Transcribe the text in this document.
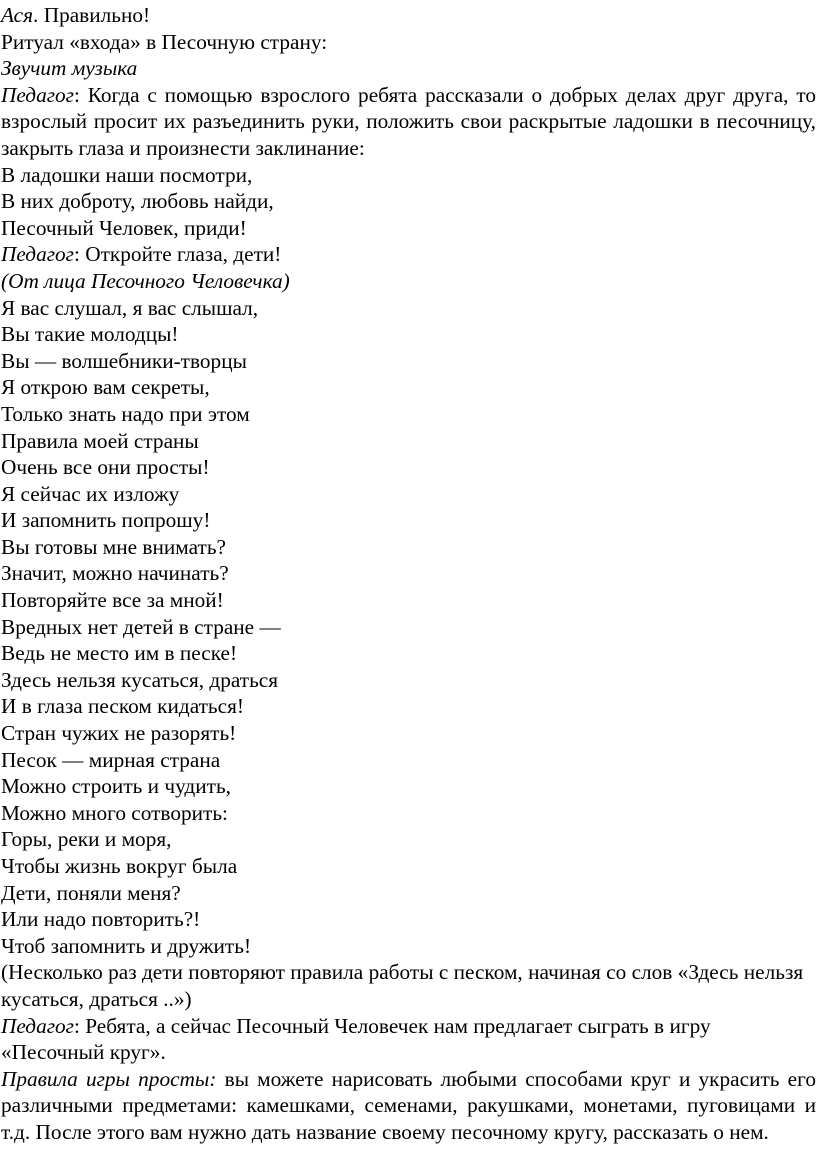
Ася. Правильно!

Ритуал «входа» в Песочную страну:

Звучит музыка

Педагог: Когда с помощью взрослого ребята рассказали о добрых делах друг друга, то взрослый просит их разъединить руки, положить свои раскрытые ладошки в песочницу, закрыть глаза и произнести заклинание:

В ладошки наши посмотри,

В них доброту, любовь найди,

Песочный Человек, приди!

Педагог: Откройте глаза, дети!

(От лица Песочного Человечка)

Я вас слушал, я вас слышал,

Вы такие молодцы!

Вы — волшебники-творцы

Я открою вам секреты,

Только знать надо при этом

Правила моей страны

Очень все они просты!

Я сейчас их изложу

И запомнить попрошу!

Вы готовы мне внимать?

Значит, можно начинать?

Повторяйте все за мной!

Вредных нет детей в стране —

Ведь не место им в песке!

Здесь нельзя кусаться, драться

И в глаза песком кидаться!

Стран чужих не разорять!

Песок — мирная страна

Можно строить и чудить,

Можно много сотворить:

Горы, реки и моря,

Чтобы жизнь вокруг была

Дети, поняли меня?

Или надо повторить?!

Чтоб запомнить и дружить!

(Несколько раз дети повторяют правила работы с песком, начиная со слов «Здесь нельзя кусаться, драться ..»)

Педагог: Ребята, а сейчас Песочный Человечек нам предлагает сыграть в игру «Песочный круг».

Правила игры просты: вы можете нарисовать любыми способами круг и украсить его различными предметами: камешками, семенами, ракушками, монетами, пуговицами и т.д. После этого вам нужно дать название своему песочному кругу, рассказать о нем.
